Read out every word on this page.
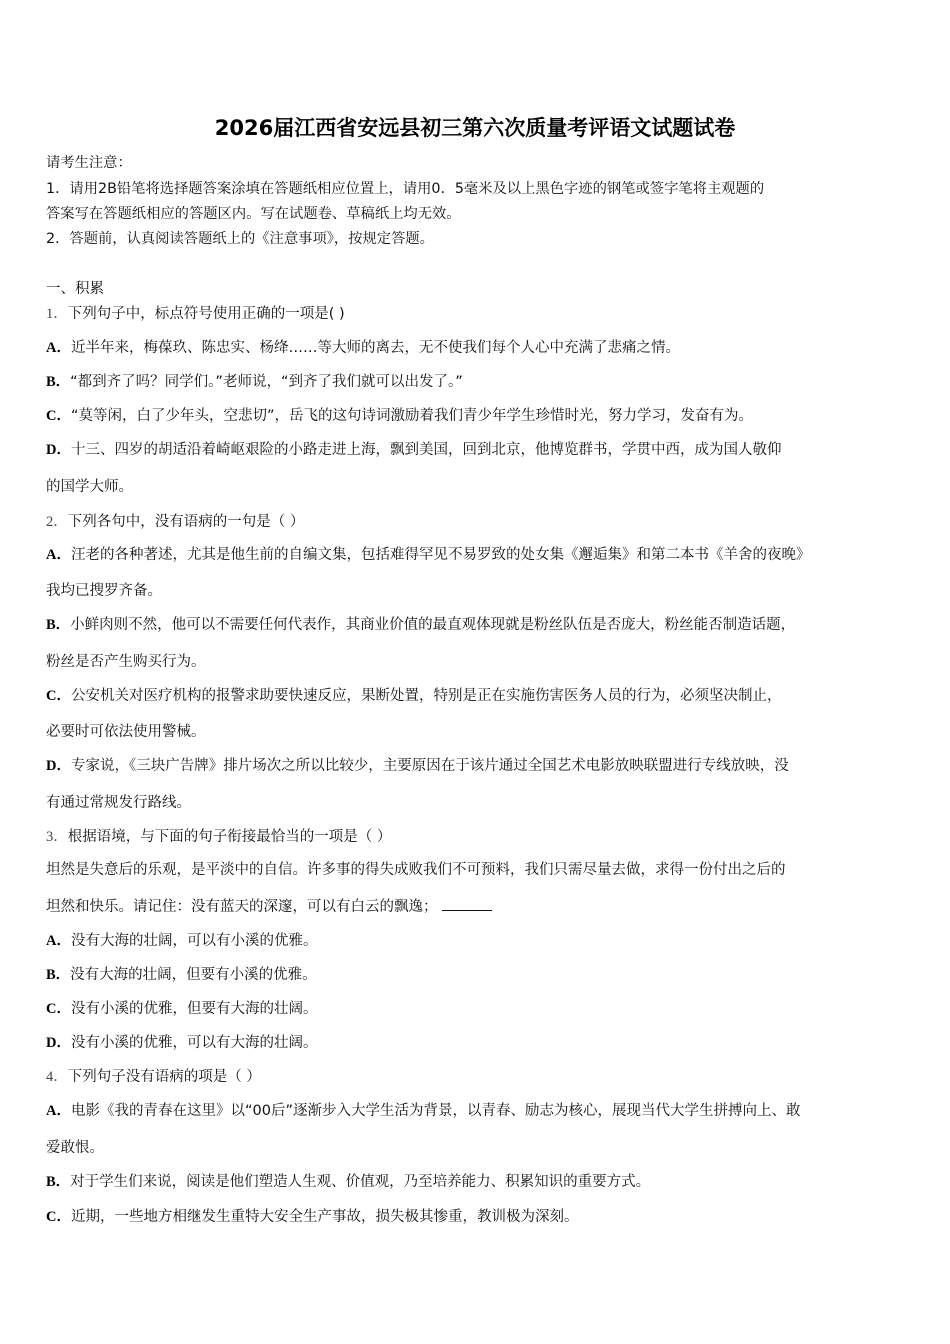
2026届江西省安远县初三第六次质量考评语文试题试卷
请考生注意：
1．请用2B铅笔将选择题答案涂填在答题纸相应位置上，请用0．5毫米及以上黑色字迹的钢笔或签字笔将主观题的
答案写在答题纸相应的答题区内。写在试题卷、草稿纸上均无效。
2．答题前，认真阅读答题纸上的《注意事项》，按规定答题。
一、积累
1．下列句子中，标点符号使用正确的一项是( )
A．近半年来，梅葆玖、陈忠实、杨绛……等大师的离去，无不使我们每个人心中充满了悲痛之情。
B．“都到齐了吗？同学们。”老师说，“到齐了我们就可以出发了。”
C．“莫等闲，白了少年头，空悲切”，岳飞的这句诗词激励着我们青少年学生珍惜时光，努力学习，发奋有为。
D．十三、四岁的胡适沿着崎岖艰险的小路走进上海，飘到美国，回到北京，他博览群书，学贯中西，成为国人敬仰
的国学大师。
2．下列各句中，没有语病的一句是（ ）
A．汪老的各种著述，尤其是他生前的自编文集，包括难得罕见不易罗致的处女集《邂逅集》和第二本书《羊舍的夜晚》
我均已搜罗齐备。
B．小鲜肉则不然，他可以不需要任何代表作，其商业价值的最直观体现就是粉丝队伍是否庞大，粉丝能否制造话题，
粉丝是否产生购买行为。
C．公安机关对医疗机构的报警求助要快速反应，果断处置，特别是正在实施伤害医务人员的行为，必须坚决制止，
必要时可依法使用警械。
D．专家说，《三块广告牌》排片场次之所以比较少，主要原因在于该片通过全国艺术电影放映联盟进行专线放映，没
有通过常规发行路线。
3．根据语境，与下面的句子衔接最恰当的一项是（ ）
坦然是失意后的乐观，是平淡中的自信。许多事的得失成败我们不可预料，我们只需尽量去做，求得一份付出之后的
坦然和快乐。请记住：没有蓝天的深邃，可以有白云的飘逸；
A．没有大海的壮阔，可以有小溪的优雅。
B．没有大海的壮阔，但要有小溪的优雅。
C．没有小溪的优雅，但要有大海的壮阔。
D．没有小溪的优雅，可以有大海的壮阔。
4．下列句子没有语病的项是（ ）
A．电影《我的青春在这里》以“00后”逐渐步入大学生活为背景，以青春、励志为核心，展现当代大学生拼搏向上、敢
爱敢恨。
B．对于学生们来说，阅读是他们塑造人生观、价值观，乃至培养能力、积累知识的重要方式。
C．近期，一些地方相继发生重特大安全生产事故，损失极其惨重，教训极为深刻。
